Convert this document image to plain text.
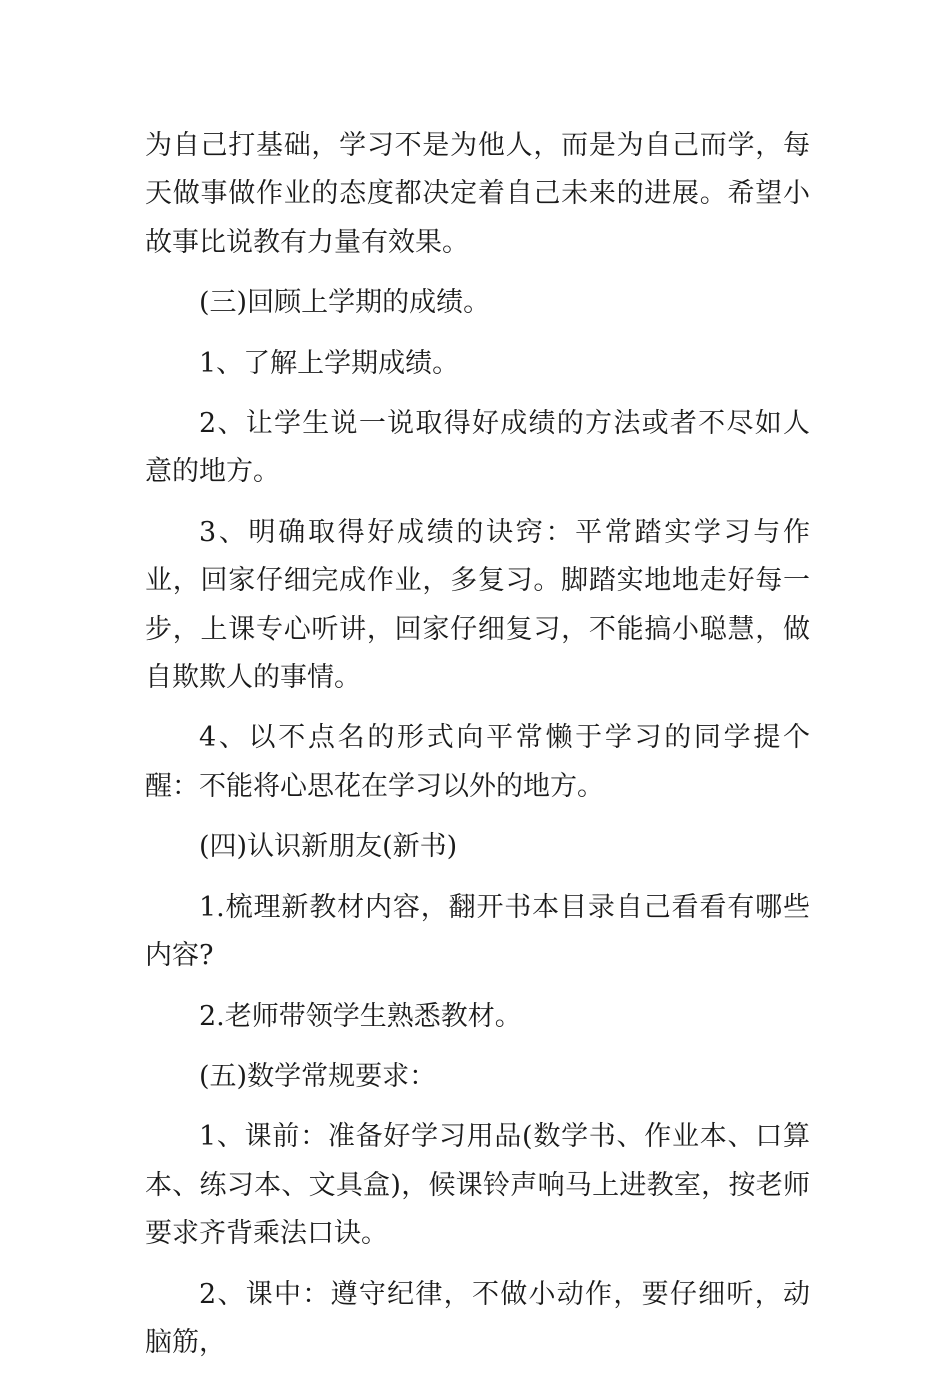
为自己打基础，学习不是为他人，而是为自己而学，每天做事做作业的态度都决定着自己未来的进展。希望小故事比说教有力量有效果。

(三)回顾上学期的成绩。

1、了解上学期成绩。

2、让学生说一说取得好成绩的方法或者不尽如人意的地方。

3、明确取得好成绩的诀窍：平常踏实学习与作业，回家仔细完成作业，多复习。脚踏实地地走好每一步，上课专心听讲，回家仔细复习，不能搞小聪慧，做自欺欺人的事情。

4、以不点名的形式向平常懒于学习的同学提个醒：不能将心思花在学习以外的地方。

(四)认识新朋友(新书)

1.梳理新教材内容，翻开书本目录自己看看有哪些内容?

2.老师带领学生熟悉教材。

(五)数学常规要求：

1、课前：准备好学习用品(数学书、作业本、口算本、练习本、文具盒)，候课铃声响马上进教室，按老师要求齐背乘法口诀。

2、课中：遵守纪律，不做小动作，要仔细听，动脑筋，
